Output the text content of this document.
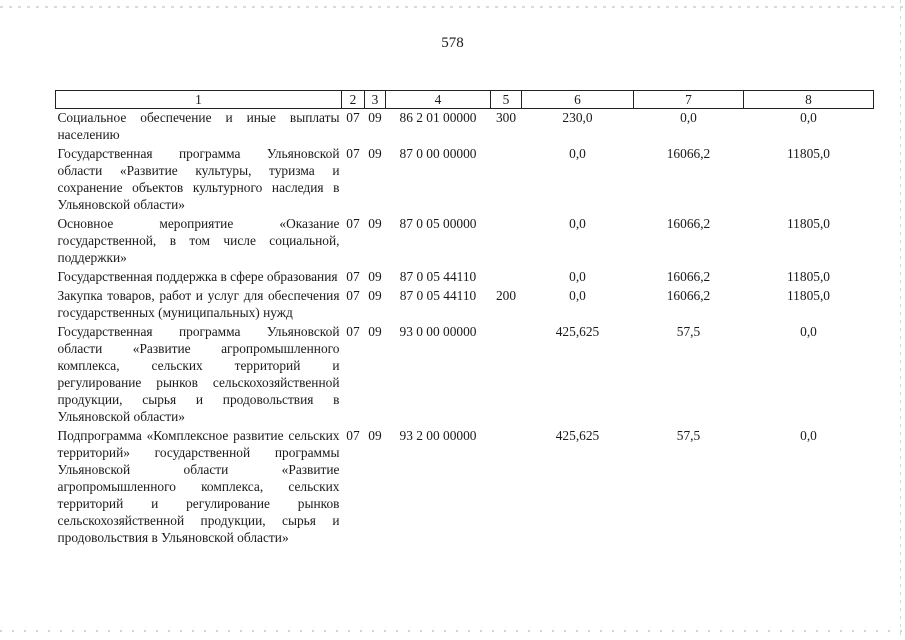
578
1	2	3	4	5	6	7	8
Социальное обеспечение и иные выплаты населению	07	09	86 2 01 00000	300	230,0	0,0	0,0
Государственная программа Ульяновской области «Развитие культуры, туризма и сохранение объектов культурного наследия в Ульяновской области»	07	09	87 0 00 00000		0,0	16066,2	11805,0
Основное мероприятие «Оказание государственной, в том числе социальной, поддержки»	07	09	87 0 05 00000		0,0	16066,2	11805,0
Государственная поддержка в сфере образования	07	09	87 0 05 44110		0,0	16066,2	11805,0
Закупка товаров, работ и услуг для обеспечения государственных (муниципальных) нужд	07	09	87 0 05 44110	200	0,0	16066,2	11805,0
Государственная программа Ульяновской области «Развитие агропромышленного комплекса, сельских территорий и регулирование рынков сельскохозяйственной продукции, сырья и продовольствия в Ульяновской области»	07	09	93 0 00 00000		425,625	57,5	0,0
Подпрограмма «Комплексное развитие сельских территорий» государственной программы Ульяновской области «Развитие агропромышленного комплекса, сельских территорий и регулирование рынков сельскохозяйственной продукции, сырья и продовольствия в Ульяновской области»	07	09	93 2 00 00000		425,625	57,5	0,0
